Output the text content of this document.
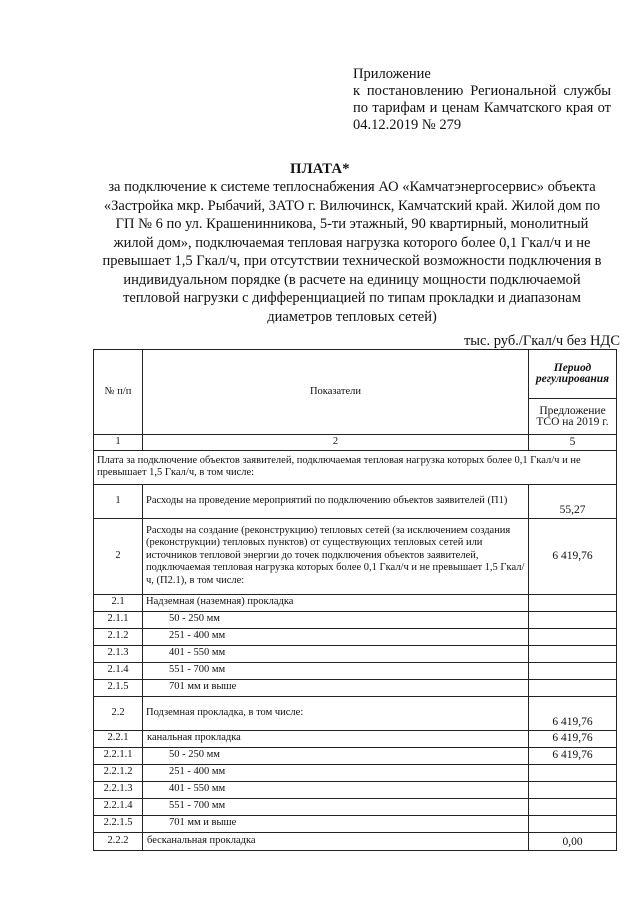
Приложение
к постановлению Региональной службы по тарифам и ценам Камчатского края от 04.12.2019 № 279
ПЛАТА*
за подключение к системе теплоснабжения АО «Камчатэнергосервис» объекта «Застройка мкр. Рыбачий, ЗАТО г. Вилючинск, Камчатский край. Жилой дом по ГП № 6 по ул. Крашенинникова, 5-ти этажный, 90 квартирный, монолитный жилой дом», подключаемая тепловая нагрузка которого более 0,1 Гкал/ч и не превышает 1,5 Гкал/ч, при отсутствии технической возможности подключения в индивидуальном порядке (в расчете на единицу мощности подключаемой тепловой нагрузки с дифференциацией по типам прокладки и диапазонам диаметров тепловых сетей)
тыс. руб./Гкал/ч без НДС
№ п/п	Показатели	Период регулирования
		Предложение ТСО на 2019 г.
1	2	5
Плата за подключение объектов заявителей, подключаемая тепловая нагрузка которых более 0,1 Гкал/ч и не превышает 1,5 Гкал/ч, в том числе:		
1	Расходы на проведение мероприятий по подключению объектов заявителей (П1)	55,27
2	Расходы на создание (реконструкцию) тепловых сетей (за исключением создания (реконструкции) тепловых пунктов) от существующих тепловых сетей или источников тепловой энергии до точек подключения объектов заявителей, подключаемая тепловая нагрузка которых более 0,1 Гкал/ч и не превышает 1,5 Гкал/ч, (П2.1), в том числе:	6 419,76
2.1	Надземная (наземная) прокладка	
2.1.1	50 - 250 мм	
2.1.2	251 - 400 мм	
2.1.3	401 - 550 мм	
2.1.4	551 - 700 мм	
2.1.5	701 мм и выше	
2.2	Подземная прокладка, в том числе:	6 419,76
2.2.1	канальная прокладка	6 419,76
2.2.1.1	50 - 250 мм	6 419,76
2.2.1.2	251 - 400 мм	
2.2.1.3	401 - 550 мм	
2.2.1.4	551 - 700 мм	
2.2.1.5	701 мм и выше	
2.2.2	бесканальная прокладка	0,00
